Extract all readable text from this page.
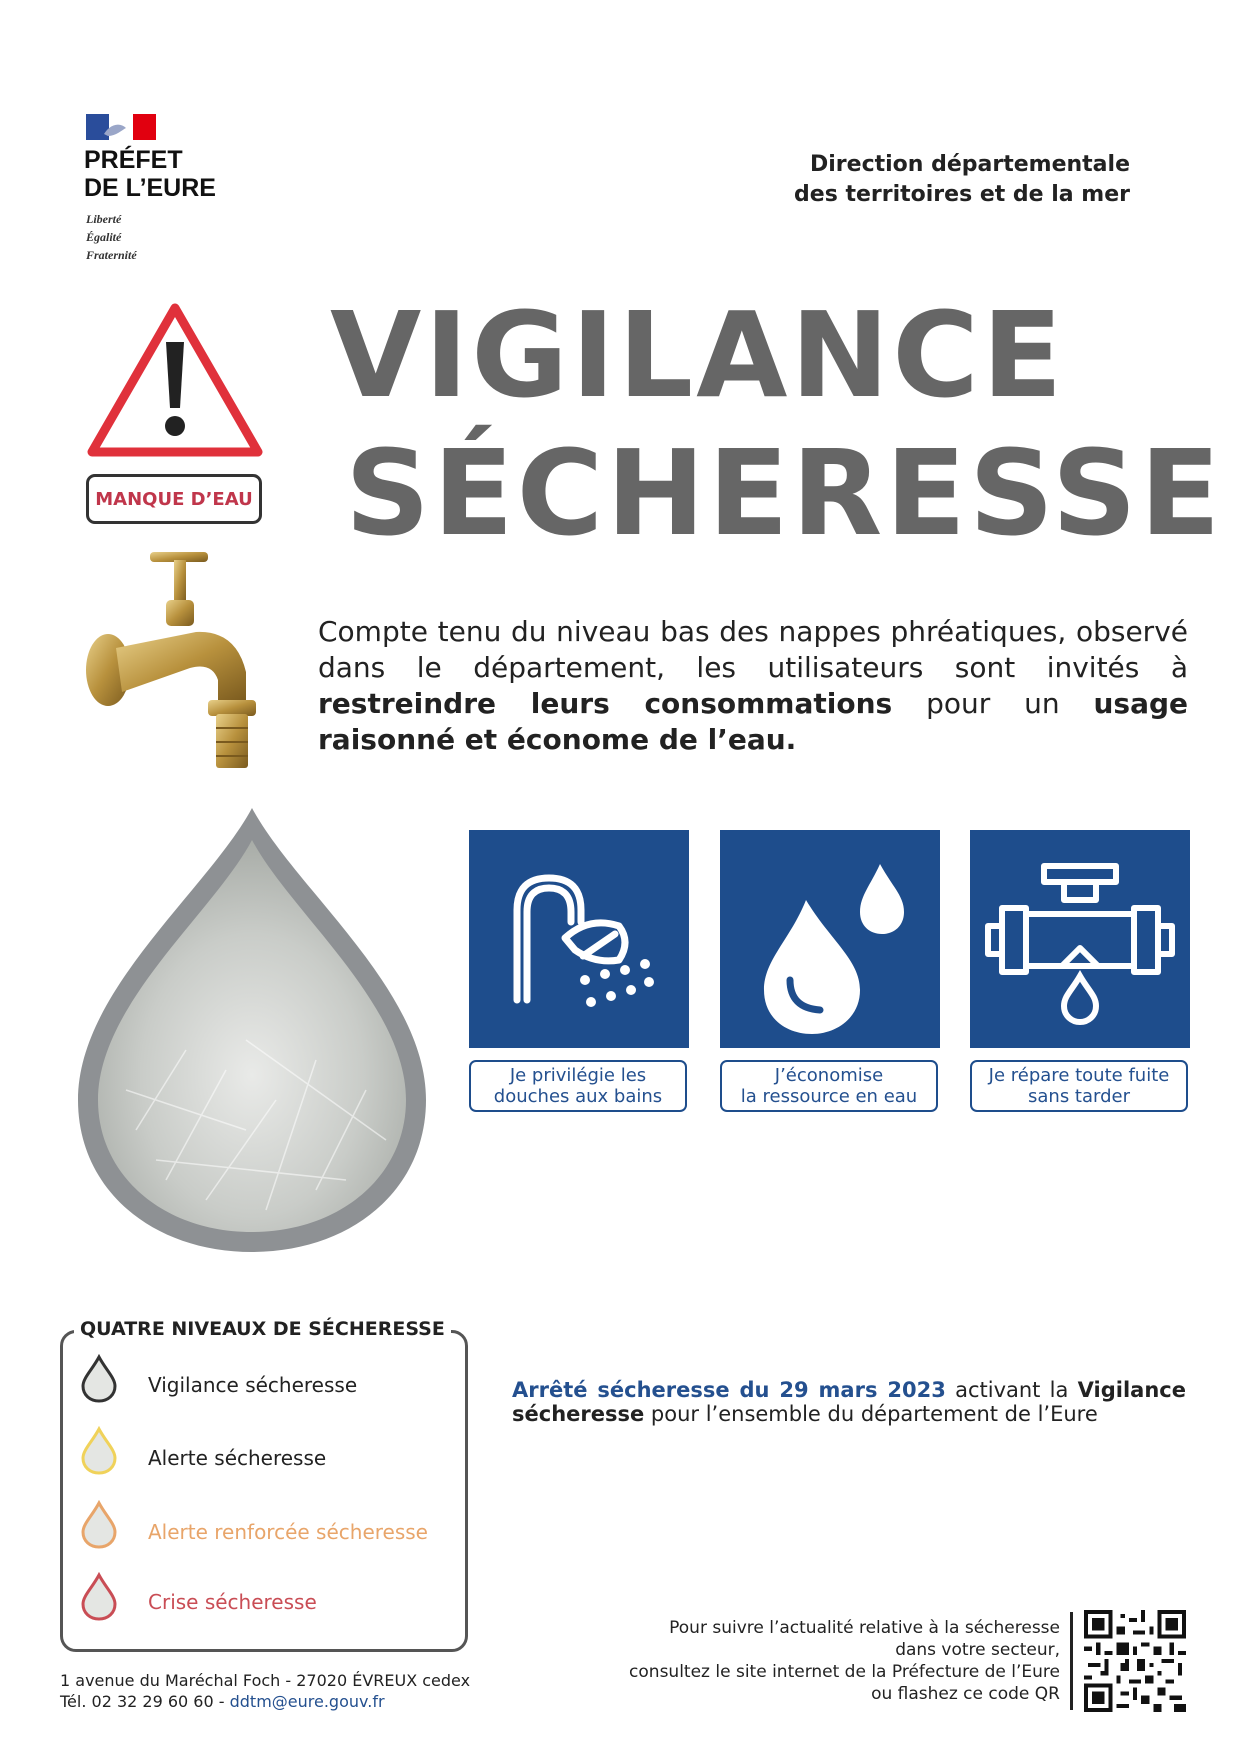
PRÉFET
DE L’EURE
Liberté
Égalité
Fraternité
Direction départementale
des territoires et de la mer
MANQUE D’EAU
VIGILANCE
SÉCHERESSE
Compte tenu du niveau bas des nappes phréatiques, observé dans le département, les utilisateurs sont invités à restreindre leurs consommations pour un usage raisonné et économe de l’eau.
Je privilégie les
douches aux bains
J’économise
la ressource en eau
Je répare toute fuite
sans tarder
QUATRE NIVEAUX DE SÉCHERESSE
Vigilance sécheresse
Alerte sécheresse
Alerte renforcée sécheresse
Crise sécheresse
Arrêté sécheresse du 29 mars 2023 activant la Vigilance sécheresse pour l’ensemble du département de l’Eure
1 avenue du Maréchal Foch - 27020 ÉVREUX cedex
Tél. 02 32 29 60 60 - ddtm@eure.gouv.fr
Pour suivre l’actualité relative à la sécheresse
dans votre secteur,
consultez le site internet de la Préfecture de l’Eure
ou flashez ce code QR
